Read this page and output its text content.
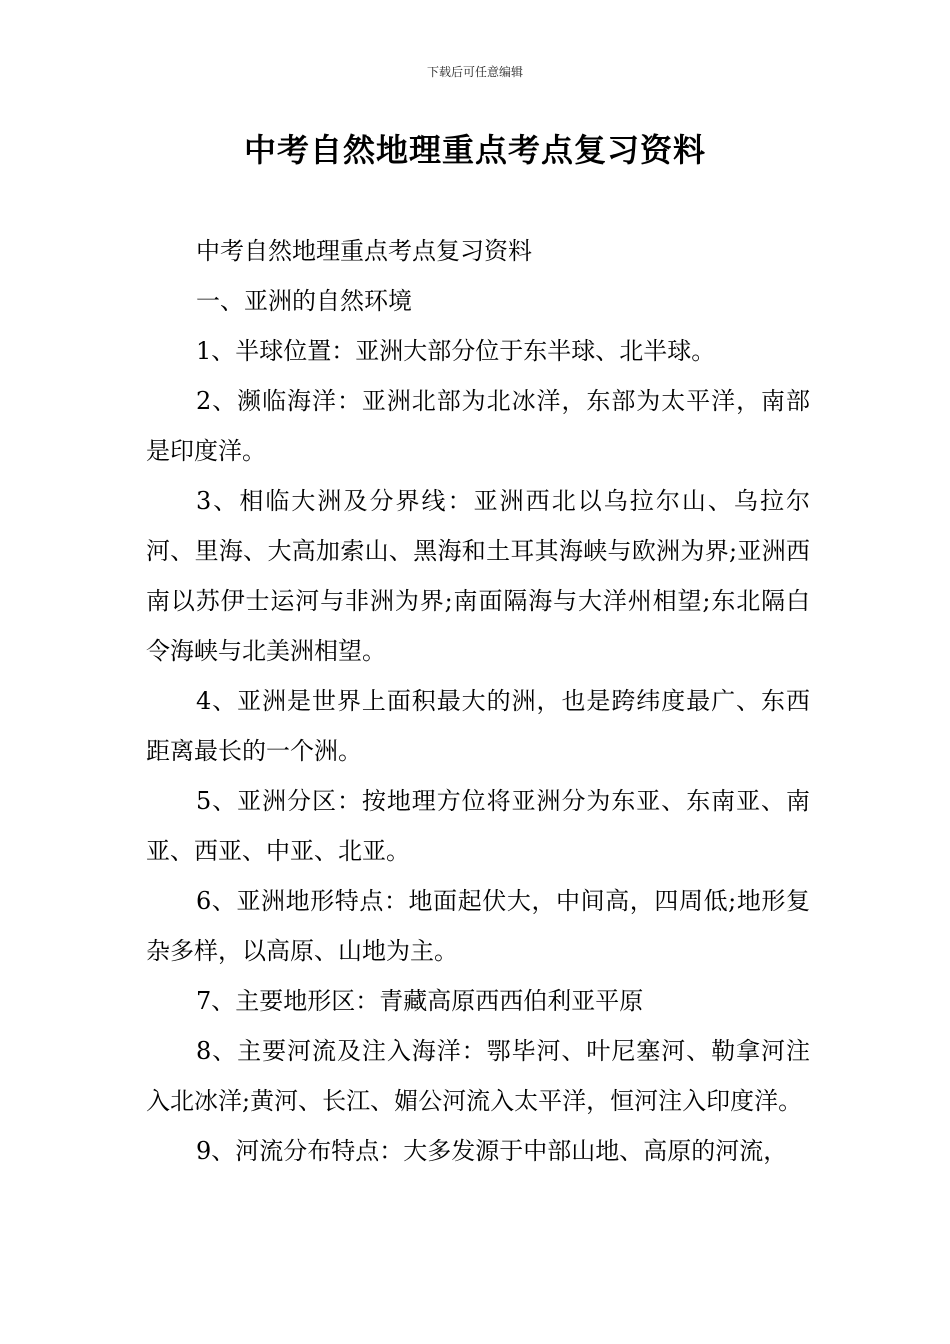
下载后可任意编辑
中考自然地理重点考点复习资料

中考自然地理重点考点复习资料

一、亚洲的自然环境

1、半球位置：亚洲大部分位于东半球、北半球。

2、濒临海洋：亚洲北部为北冰洋，东部为太平洋，南部是印度洋。

3、相临大洲及分界线：亚洲西北以乌拉尔山、乌拉尔河、里海、大高加索山、黑海和土耳其海峡与欧洲为界;亚洲西南以苏伊士运河与非洲为界;南面隔海与大洋州相望;东北隔白令海峡与北美洲相望。

4、亚洲是世界上面积最大的洲，也是跨纬度最广、东西距离最长的一个洲。

5、亚洲分区：按地理方位将亚洲分为东亚、东南亚、南亚、西亚、中亚、北亚。

6、亚洲地形特点：地面起伏大，中间高，四周低;地形复杂多样，以高原、山地为主。

7、主要地形区：青藏高原西西伯利亚平原

8、主要河流及注入海洋：鄂毕河、叶尼塞河、勒拿河注入北冰洋;黄河、长江、媚公河流入太平洋，恒河注入印度洋。

9、河流分布特点：大多发源于中部山地、高原的河流，
